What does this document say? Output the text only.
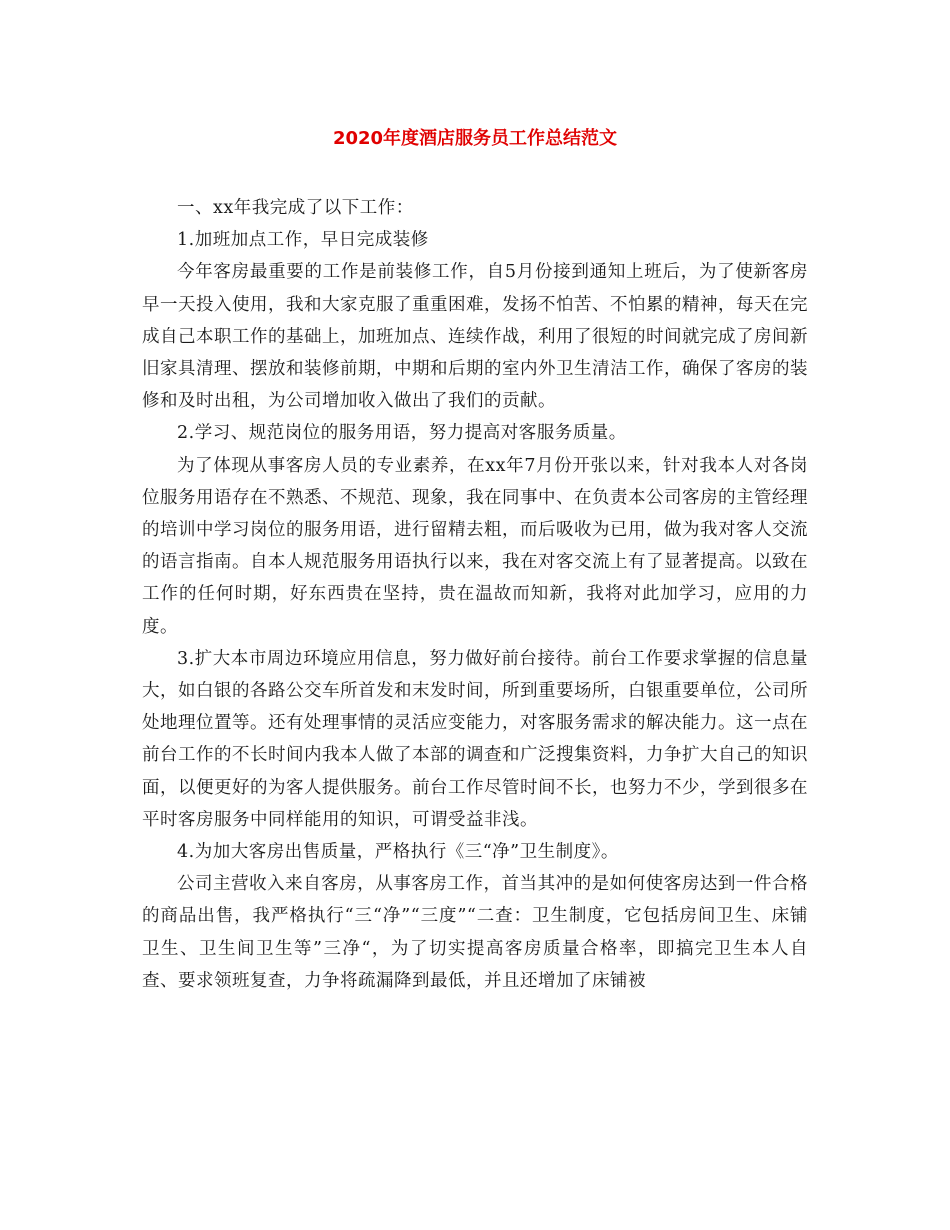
2020年度酒店服务员工作总结范文

一、xx年我完成了以下工作：

1.加班加点工作，早日完成装修

今年客房最重要的工作是前装修工作，自5月份接到通知上班后，为了使新客房早一天投入使用，我和大家克服了重重困难，发扬不怕苦、不怕累的精神，每天在完成自己本职工作的基础上，加班加点、连续作战，利用了很短的时间就完成了房间新旧家具清理、摆放和装修前期，中期和后期的室内外卫生清洁工作，确保了客房的装修和及时出租，为公司增加收入做出了我们的贡献。

2.学习、规范岗位的服务用语，努力提高对客服务质量。

为了体现从事客房人员的专业素养，在xx年7月份开张以来，针对我本人对各岗位服务用语存在不熟悉、不规范、现象，我在同事中、在负责本公司客房的主管经理的培训中学习岗位的服务用语，进行留精去粗，而后吸收为已用，做为我对客人交流的语言指南。自本人规范服务用语执行以来，我在对客交流上有了显著提高。以致在工作的任何时期，好东西贵在坚持，贵在温故而知新，我将对此加学习，应用的力度。

3.扩大本市周边环境应用信息，努力做好前台接待。前台工作要求掌握的信息量大，如白银的各路公交车所首发和末发时间，所到重要场所，白银重要单位，公司所处地理位置等。还有处理事情的灵活应变能力，对客服务需求的解决能力。这一点在前台工作的不长时间内我本人做了本部的调查和广泛搜集资料，力争扩大自己的知识面，以便更好的为客人提供服务。前台工作尽管时间不长，也努力不少，学到很多在平时客房服务中同样能用的知识，可谓受益非浅。

4.为加大客房出售质量，严格执行《三“净”卫生制度》。

公司主营收入来自客房，从事客房工作，首当其冲的是如何使客房达到一件合格的商品出售，我严格执行“三“净”“三度”“二查：卫生制度，它包括房间卫生、床铺卫生、卫生间卫生等”三净“，为了切实提高客房质量合格率，即搞完卫生本人自查、要求领班复查，力争将疏漏降到最低，并且还增加了床铺被
